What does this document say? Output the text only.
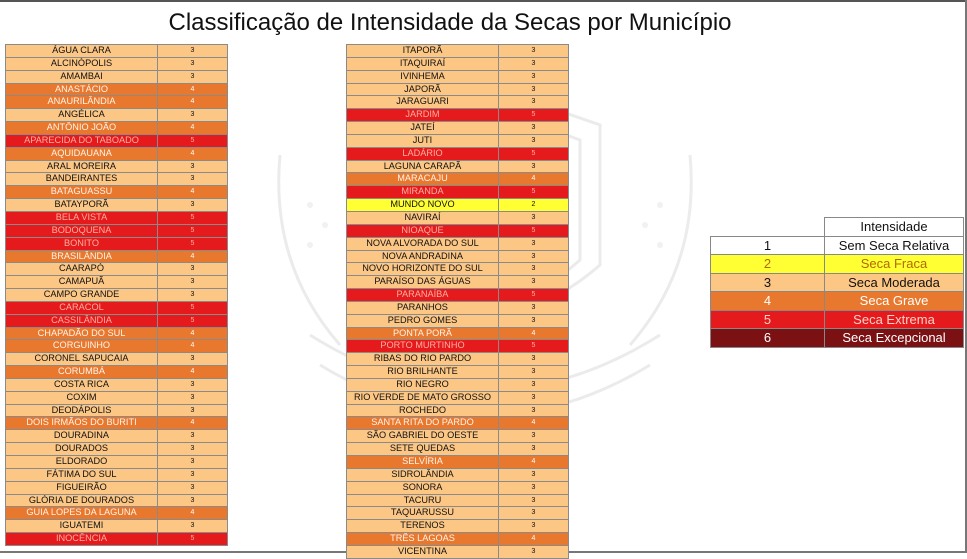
Classificação de Intensidade da Secas por Município
ÁGUA CLARA	3
ALCINÓPOLIS	3
AMAMBAI	3
ANASTÁCIO	4
ANAURILÂNDIA	4
ANGÉLICA	3
ANTÔNIO JOÃO	4
APARECIDA DO TABOADO	5
AQUIDAUANA	4
ARAL MOREIRA	3
BANDEIRANTES	3
BATAGUASSU	4
BATAYPORÃ	3
BELA VISTA	5
BODOQUENA	5
BONITO	5
BRASILÂNDIA	4
CAARAPÓ	3
CAMAPUÃ	3
CAMPO GRANDE	3
CARACOL	5
CASSILÂNDIA	5
CHAPADÃO DO SUL	4
CORGUINHO	4
CORONEL SAPUCAIA	3
CORUMBÁ	4
COSTA RICA	3
COXIM	3
DEODÁPOLIS	3
DOIS IRMÃOS DO BURITI	4
DOURADINA	3
DOURADOS	3
ELDORADO	3
FÁTIMA DO SUL	3
FIGUEIRÃO	3
GLÓRIA DE DOURADOS	3
GUIA LOPES DA LAGUNA	4
IGUATEMI	3
INOCÊNCIA	5
ITAPORÃ	3
ITAQUIRAÍ	3
IVINHEMA	3
JAPORÃ	3
JARAGUARI	3
JARDIM	5
JATEÍ	3
JUTI	3
LADÁRIO	5
LAGUNA CARAPÃ	3
MARACAJU	4
MIRANDA	5
MUNDO NOVO	2
NAVIRAÍ	3
NIOAQUE	5
NOVA ALVORADA DO SUL	3
NOVA ANDRADINA	3
NOVO HORIZONTE DO SUL	3
PARAÍSO DAS ÁGUAS	3
PARANAÍBA	5
PARANHOS	3
PEDRO GOMES	3
PONTA PORÃ	4
PORTO MURTINHO	5
RIBAS DO RIO PARDO	3
RIO BRILHANTE	3
RIO NEGRO	3
RIO VERDE DE MATO GROSSO	3
ROCHEDO	3
SANTA RITA DO PARDO	4
SÃO GABRIEL DO OESTE	3
SETE QUEDAS	3
SELVÍRIA	4
SIDROLÂNDIA	3
SONORA	3
TACURU	3
TAQUARUSSU	3
TERENOS	3
TRÊS LAGOAS	4
VICENTINA	3
	Intensidade
1	Sem Seca Relativa
2	Seca Fraca
3	Seca Moderada
4	Seca Grave
5	Seca Extrema
6	Seca Excepcional
